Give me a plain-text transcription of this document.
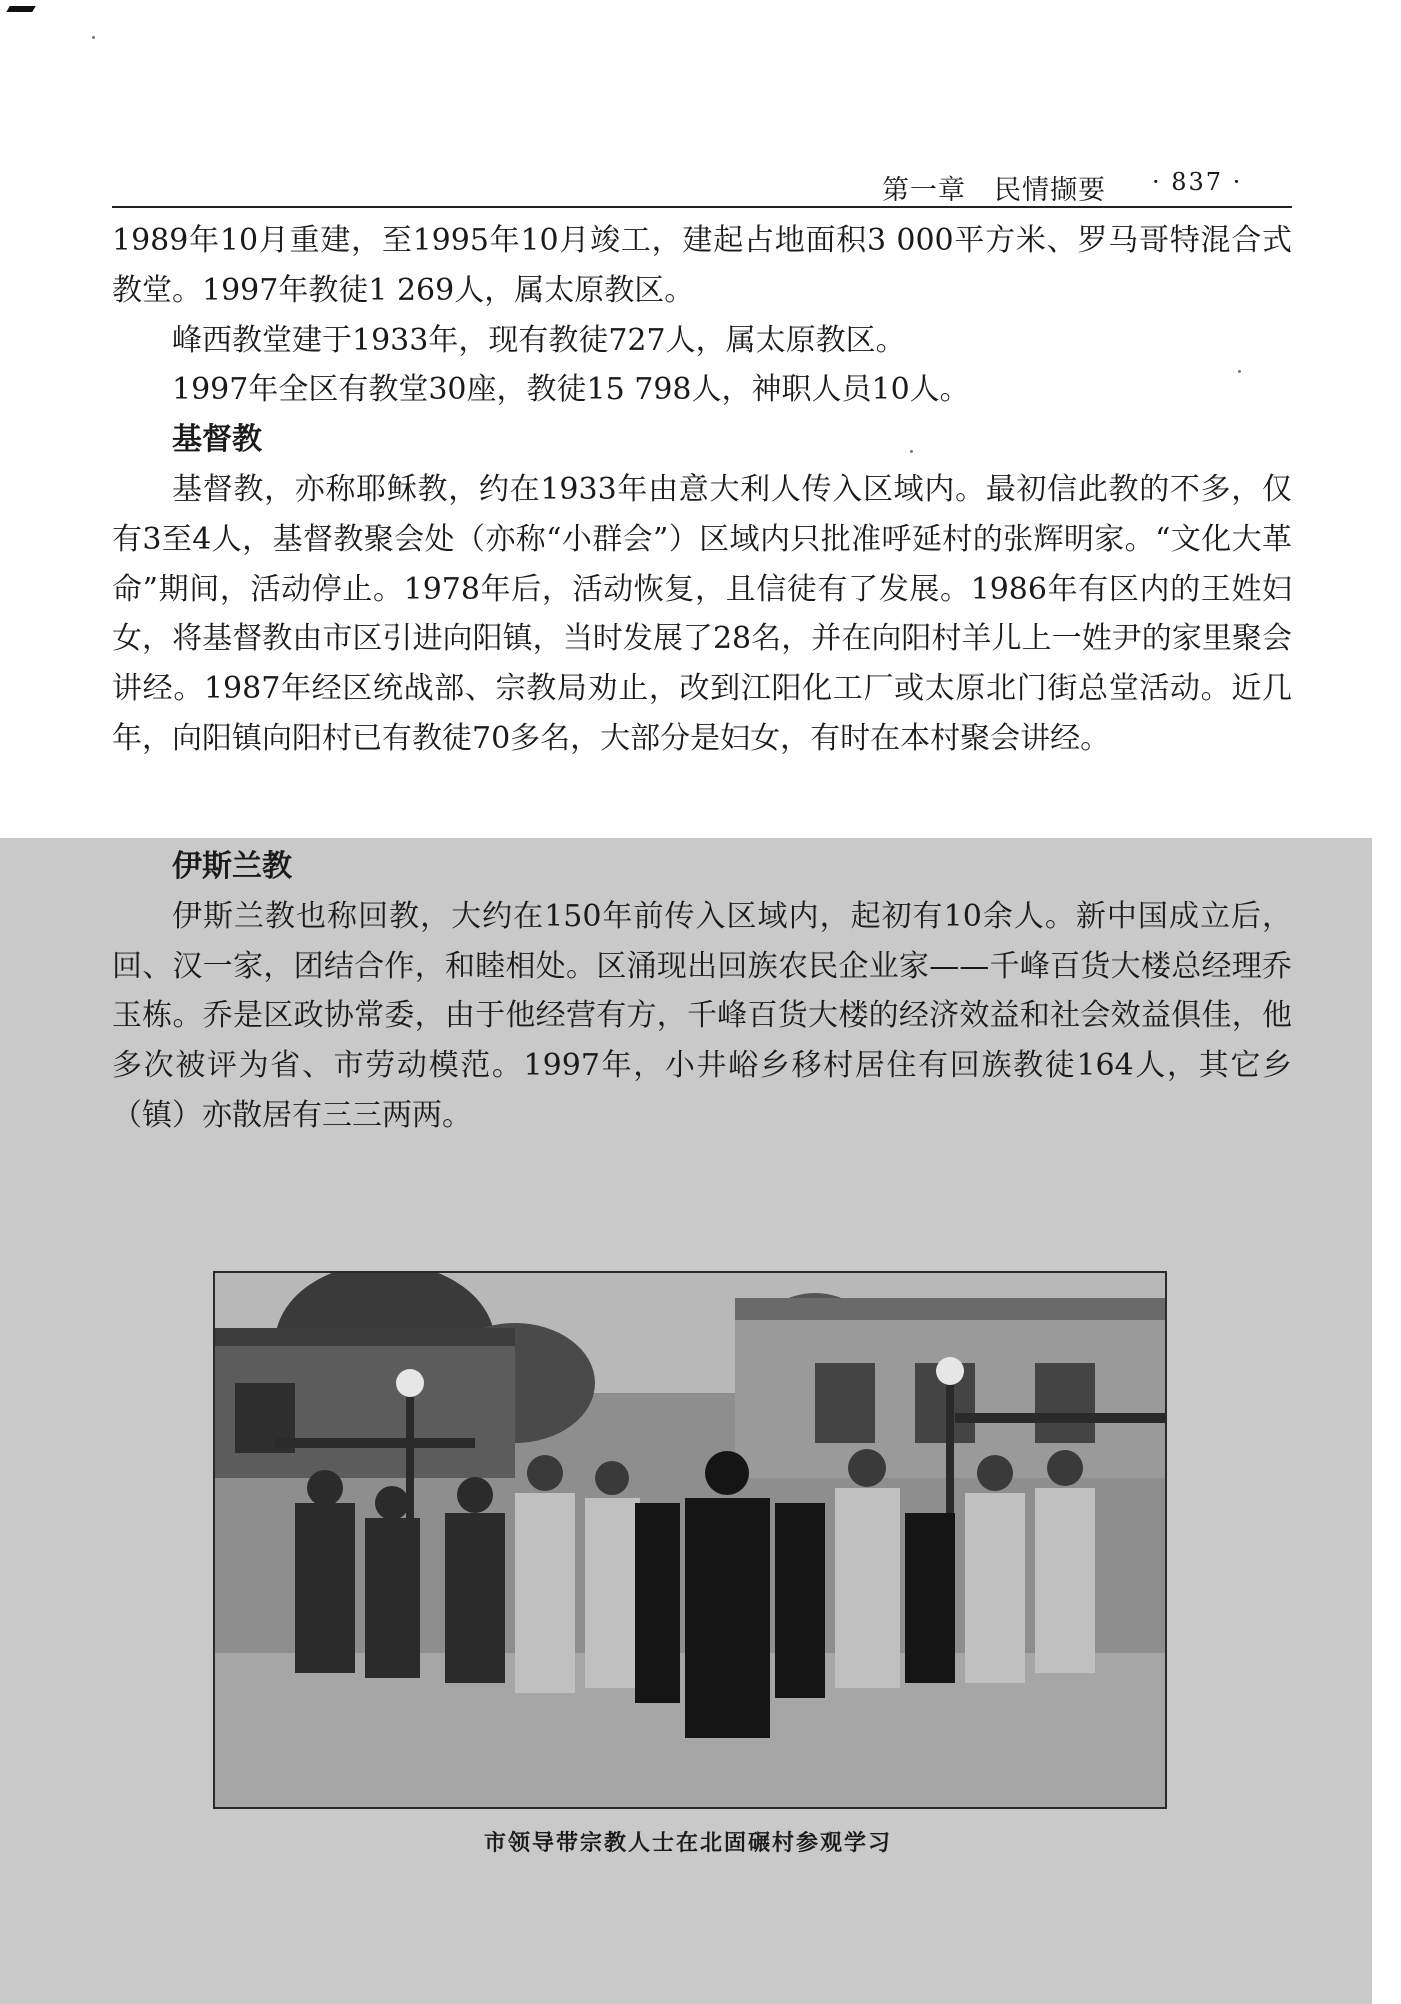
第一章　民情撷要 · 837 ·

1989年10月重建，至1995年10月竣工，建起占地面积3 000平方米、罗马哥特混合式教堂。1997年教徒1 269人，属太原教区。

峰西教堂建于1933年，现有教徒727人，属太原教区。

1997年全区有教堂30座，教徒15 798人，神职人员10人。

基督教

基督教，亦称耶稣教，约在1933年由意大利人传入区域内。最初信此教的不多，仅有3至4人，基督教聚会处（亦称“小群会”）区域内只批准呼延村的张辉明家。“文化大革命”期间，活动停止。1978年后，活动恢复，且信徒有了发展。1986年有区内的王姓妇女，将基督教由市区引进向阳镇，当时发展了28名，并在向阳村羊儿上一姓尹的家里聚会讲经。1987年经区统战部、宗教局劝止，改到江阳化工厂或太原北门街总堂活动。近几年，向阳镇向阳村已有教徒70多名，大部分是妇女，有时在本村聚会讲经。

伊斯兰教

伊斯兰教也称回教，大约在150年前传入区域内，起初有10余人。新中国成立后，回、汉一家，团结合作，和睦相处。区涌现出回族农民企业家——千峰百货大楼总经理乔玉栋。乔是区政协常委，由于他经营有方，千峰百货大楼的经济效益和社会效益俱佳，他多次被评为省、市劳动模范。1997年，小井峪乡移村居住有回族教徒164人，其它乡（镇）亦散居有三三两两。

市领导带宗教人士在北固碾村参观学习
